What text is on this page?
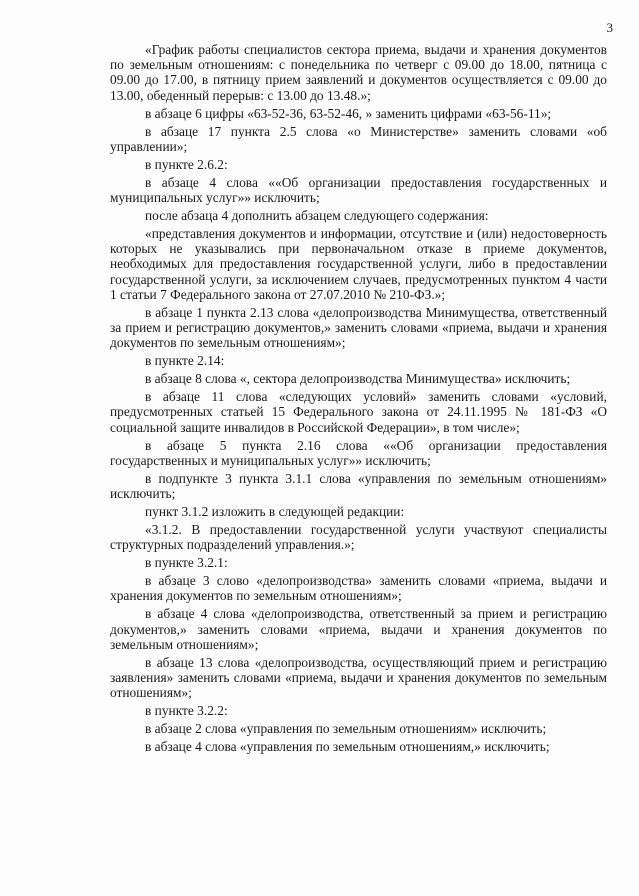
3

«График работы специалистов сектора приема, выдачи и хранения документов по земельным отношениям: с понедельника по четверг с 09.00 до 18.00, пятница с 09.00 до 17.00, в пятницу прием заявлений и документов осуществляется с 09.00 до 13.00, обеденный перерыв: с 13.00 до 13.48.»;

в абзаце 6 цифры «63-52-36, 63-52-46, » заменить цифрами «63-56-11»;

в абзаце 17 пункта 2.5 слова «о Министерстве» заменить словами «об управлении»;

в пункте 2.6.2:

в абзаце 4 слова ««Об организации предоставления государственных и муниципальных услуг»» исключить;

после абзаца 4 дополнить абзацем следующего содержания:

«представления документов и информации, отсутствие и (или) недостоверность которых не указывались при первоначальном отказе в приеме документов, необходимых для предоставления государственной услуги, либо в предоставлении государственной услуги, за исключением случаев, предусмотренных пунктом 4 части 1 статьи 7 Федерального закона от 27.07.2010 № 210-ФЗ.»;

в абзаце 1 пункта 2.13 слова «делопроизводства Минимущества, ответственный за прием и регистрацию документов,» заменить словами «приема, выдачи и хранения документов по земельным отношениям»;

в пункте 2.14:

в абзаце 8 слова «, сектора делопроизводства Минимущества» исключить;

в абзаце 11 слова «следующих условий» заменить словами «условий, предусмотренных статьей 15 Федерального закона от 24.11.1995 № 181-ФЗ «О социальной защите инвалидов в Российской Федерации», в том числе»;

в абзаце 5 пункта 2.16 слова ««Об организации предоставления государственных и муниципальных услуг»» исключить;

в подпункте 3 пункта 3.1.1 слова «управления по земельным отношениям» исключить;

пункт 3.1.2 изложить в следующей редакции:

«3.1.2. В предоставлении государственной услуги участвуют специалисты структурных подразделений управления.»;

в пункте 3.2.1:

в абзаце 3 слово «делопроизводства» заменить словами «приема, выдачи и хранения документов по земельным отношениям»;

в абзаце 4 слова «делопроизводства, ответственный за прием и регистрацию документов,» заменить словами «приема, выдачи и хранения документов по земельным отношениям»;

в абзаце 13 слова «делопроизводства, осуществляющий прием и регистрацию заявления» заменить словами «приема, выдачи и хранения документов по земельным отношениям»;

в пункте 3.2.2:

в абзаце 2 слова «управления по земельным отношениям» исключить;

в абзаце 4 слова «управления по земельным отношениям,» исключить;
